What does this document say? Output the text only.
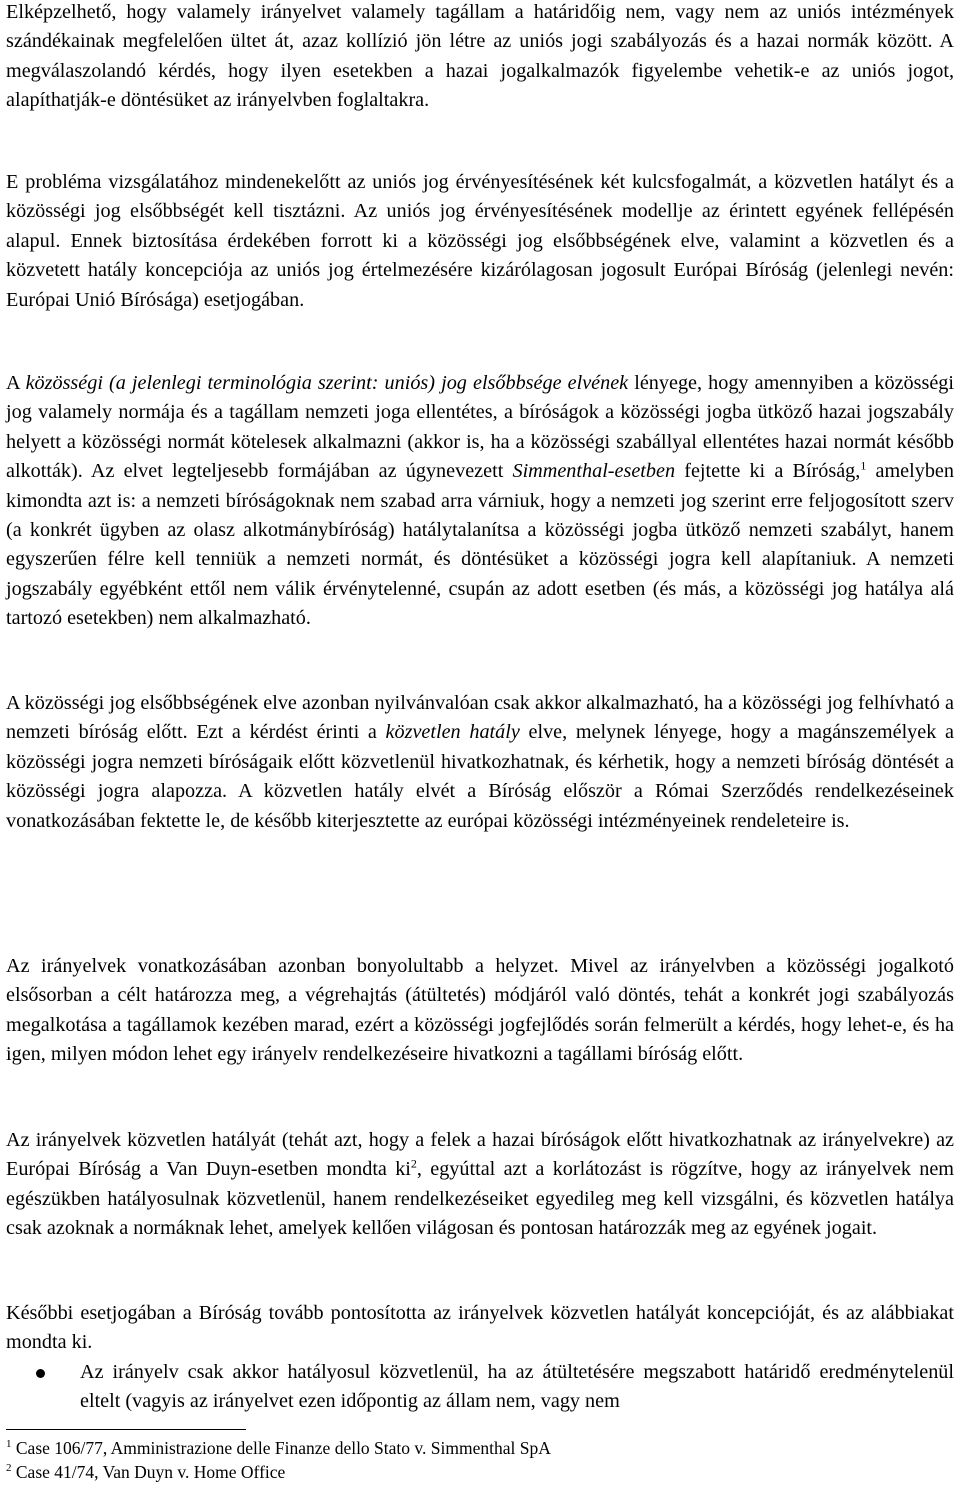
Elképzelhető, hogy valamely irányelvet valamely tagállam a határidőig nem, vagy nem az uniós intézmények szándékainak megfelelően ültet át, azaz kollízió jön létre az uniós jogi szabályozás és a hazai normák között. A megválaszolandó kérdés, hogy ilyen esetekben a hazai jogalkalmazók figyelembe vehetik-e az uniós jogot, alapíthatják-e döntésüket az irányelvben foglaltakra.

E probléma vizsgálatához mindenekelőtt az uniós jog érvényesítésének két kulcsfogalmát, a közvetlen hatályt és a közösségi jog elsőbbségét kell tisztázni. Az uniós jog érvényesítésének modellje az érintett egyének fellépésén alapul. Ennek biztosítása érdekében forrott ki a közösségi jog elsőbbségének elve, valamint a közvetlen és a közvetett hatály koncepciója az uniós jog értelmezésére kizárólagosan jogosult Európai Bíróság (jelenlegi nevén: Európai Unió Bírósága) esetjogában.

A közösségi (a jelenlegi terminológia szerint: uniós) jog elsőbbsége elvének lényege, hogy amennyiben a közösségi jog valamely normája és a tagállam nemzeti joga ellentétes, a bíróságok a közösségi jogba ütköző hazai jogszabály helyett a közösségi normát kötelesek alkalmazni (akkor is, ha a közösségi szabállyal ellentétes hazai normát később alkották). Az elvet legteljesebb formájában az úgynevezett Simmenthal-esetben fejtette ki a Bíróság,$^1$ amelyben kimondta azt is: a nemzeti bíróságoknak nem szabad arra várniuk, hogy a nemzeti jog szerint erre feljogosított szerv (a konkrét ügyben az olasz alkotmánybíróság) hatálytalanítsa a közösségi jogba ütköző nemzeti szabályt, hanem egyszerűen félre kell tenniük a nemzeti normát, és döntésüket a közösségi jogra kell alapítaniuk. A nemzeti jogszabály egyébként ettől nem válik érvénytelenné, csupán az adott esetben (és más, a közösségi jog hatálya alá tartozó esetekben) nem alkalmazható.

A közösségi jog elsőbbségének elve azonban nyilvánvalóan csak akkor alkalmazható, ha a közösségi jog felhívható a nemzeti bíróság előtt. Ezt a kérdést érinti a közvetlen hatály elve, melynek lényege, hogy a magánszemélyek a közösségi jogra nemzeti bíróságaik előtt közvetlenül hivatkozhatnak, és kérhetik, hogy a nemzeti bíróság döntését a közösségi jogra alapozza. A közvetlen hatály elvét a Bíróság először a Római Szerződés rendelkezéseinek vonatkozásában fektette le, de később kiterjesztette az európai közösségi intézményeinek rendeleteire is.

Az irányelvek vonatkozásában azonban bonyolultabb a helyzet. Mivel az irányelvben a közösségi jogalkotó elsősorban a célt határozza meg, a végrehajtás (átültetés) módjáról való döntés, tehát a konkrét jogi szabályozás megalkotása a tagállamok kezében marad, ezért a közösségi jogfejlődés során felmerült a kérdés, hogy lehet-e, és ha igen, milyen módon lehet egy irányelv rendelkezéseire hivatkozni a tagállami bíróság előtt.

Az irányelvek közvetlen hatályát (tehát azt, hogy a felek a hazai bíróságok előtt hivatkozhatnak az irányelvekre) az Európai Bíróság a Van Duyn-esetben mondta $ki^2$, egyúttal azt a korlátozást is rögzítve, hogy az irányelvek nem egészükben hatályosulnak közvetlenül, hanem rendelkezéseiket egyedileg meg kell vizsgálni, és közvetlen hatálya csak azoknak a normáknak lehet, amelyek kellően világosan és pontosan határozzák meg az egyének jogait.

Későbbi esetjogában a Bíróság tovább pontosította az irányelvek közvetlen hatályát koncepcióját, és az alábbiakat mondta ki.

Az irányelv csak akkor hatályosul közvetlenül, ha az átültetésére megszabott határidő eredménytelenül eltelt (vagyis az irányelvet ezen időpontig az állam nem, vagy nem
$^1$ Case 106/77, Amministrazione delle Finanze dello Stato v. Simmenthal SpA
$^2$ Case 41/74, Van Duyn v. Home Office
